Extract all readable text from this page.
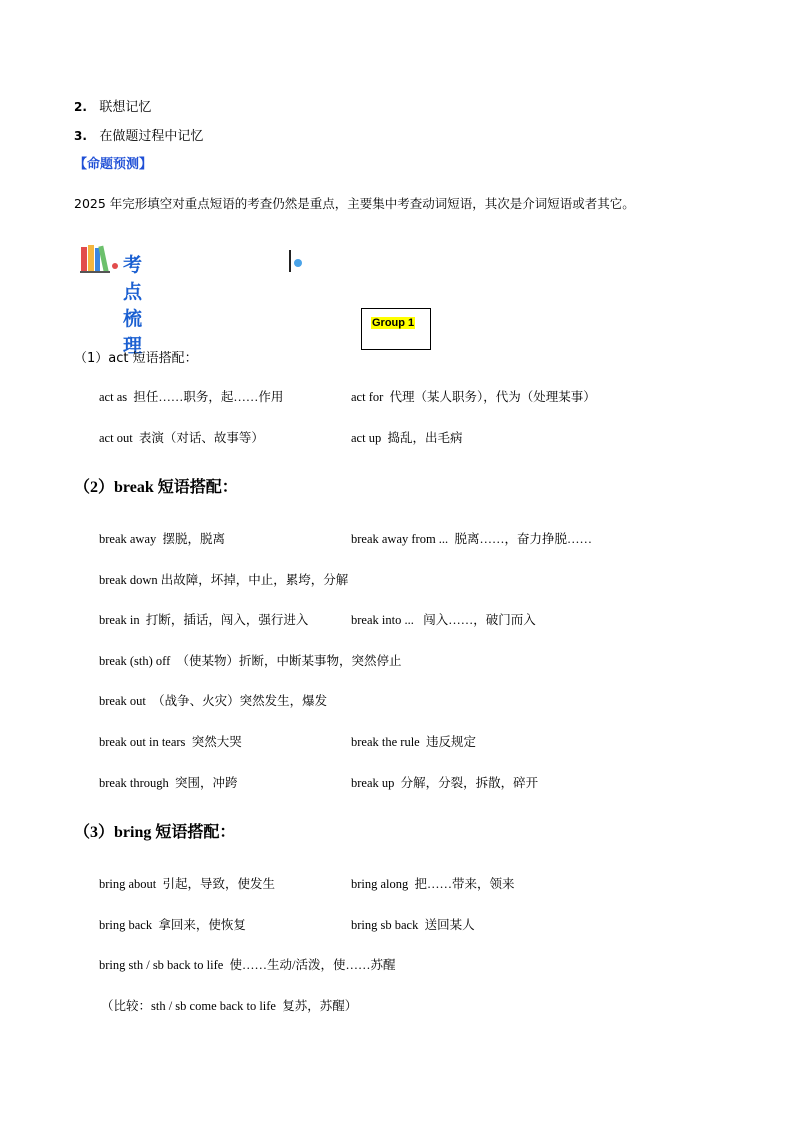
2. 联想记忆
3. 在做题过程中记忆
【命题预测】
2025 年完形填空对重点短语的考查仍然是重点，主要集中考查动词短语，其次是介词短语或者其它。
考点梳理
Group 1
（1）act 短语搭配：
act as 担任……职务，起……作用	act for 代理（某人职务），代为（处理某事）
act out 表演（对话、故事等）	act up 捣乱，出毛病
（2）break 短语搭配：
break away 摆脱，脱离	break away from ... 脱离……，奋力挣脱……
break down 出故障，坏掉，中止，累垮，分解
break in 打断，插话，闯入，强行进入	break into ... 闯入……，破门而入
break (sth) off （使某物）折断，中断某事物，突然停止
break out （战争、火灾）突然发生，爆发
break out in tears 突然大哭	break the rule 违反规定
break through 突围，冲跨	break up 分解，分裂，拆散，碎开
（3）bring 短语搭配：
bring about 引起，导致，使发生	bring along 把……带来，领来
bring back 拿回来，使恢复	bring sb back 送回某人
bring sth / sb back to life 使……生动/活泼，使……苏醒
（比较：sth / sb come back to life 复苏，苏醒）
